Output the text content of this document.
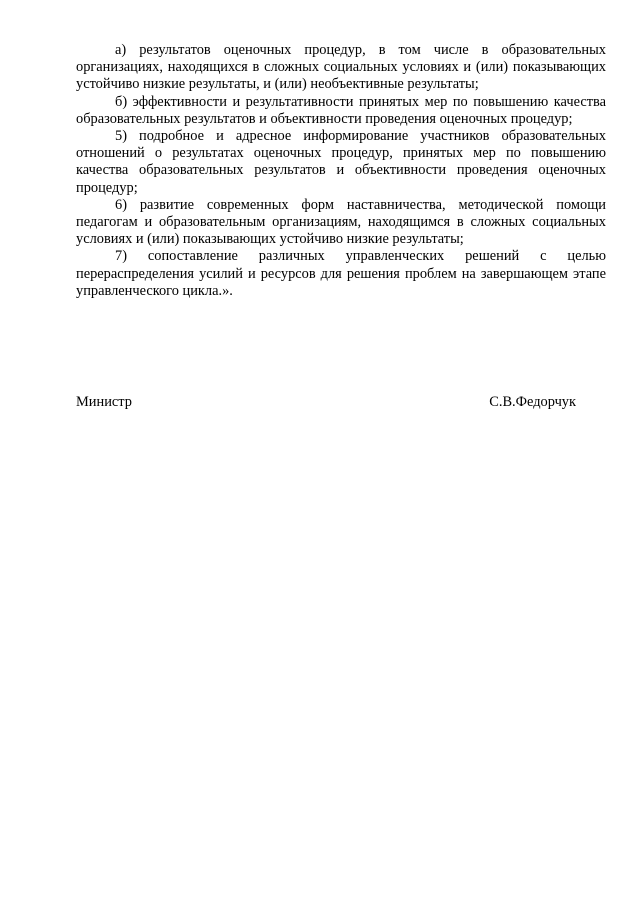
а) результатов оценочных процедур, в том числе в образовательных организациях, находящихся в сложных социальных условиях и (или) показывающих устойчиво низкие результаты, и (или) необъективные результаты;

б) эффективности и результативности принятых мер по повышению качества образовательных результатов и объективности проведения оценочных процедур;

5) подробное и адресное информирование участников образовательных отношений о результатах оценочных процедур, принятых мер по повышению качества образовательных результатов и объективности проведения оценочных процедур;

6) развитие современных форм наставничества, методической помощи педагогам и образовательным организациям, находящимся в сложных социальных условиях и (или) показывающих устойчиво низкие результаты;

7) сопоставление различных управленческих решений с целью перераспределения усилий и ресурсов для решения проблем на завершающем этапе управленческого цикла.».

Министр	С.В.Федорчук
